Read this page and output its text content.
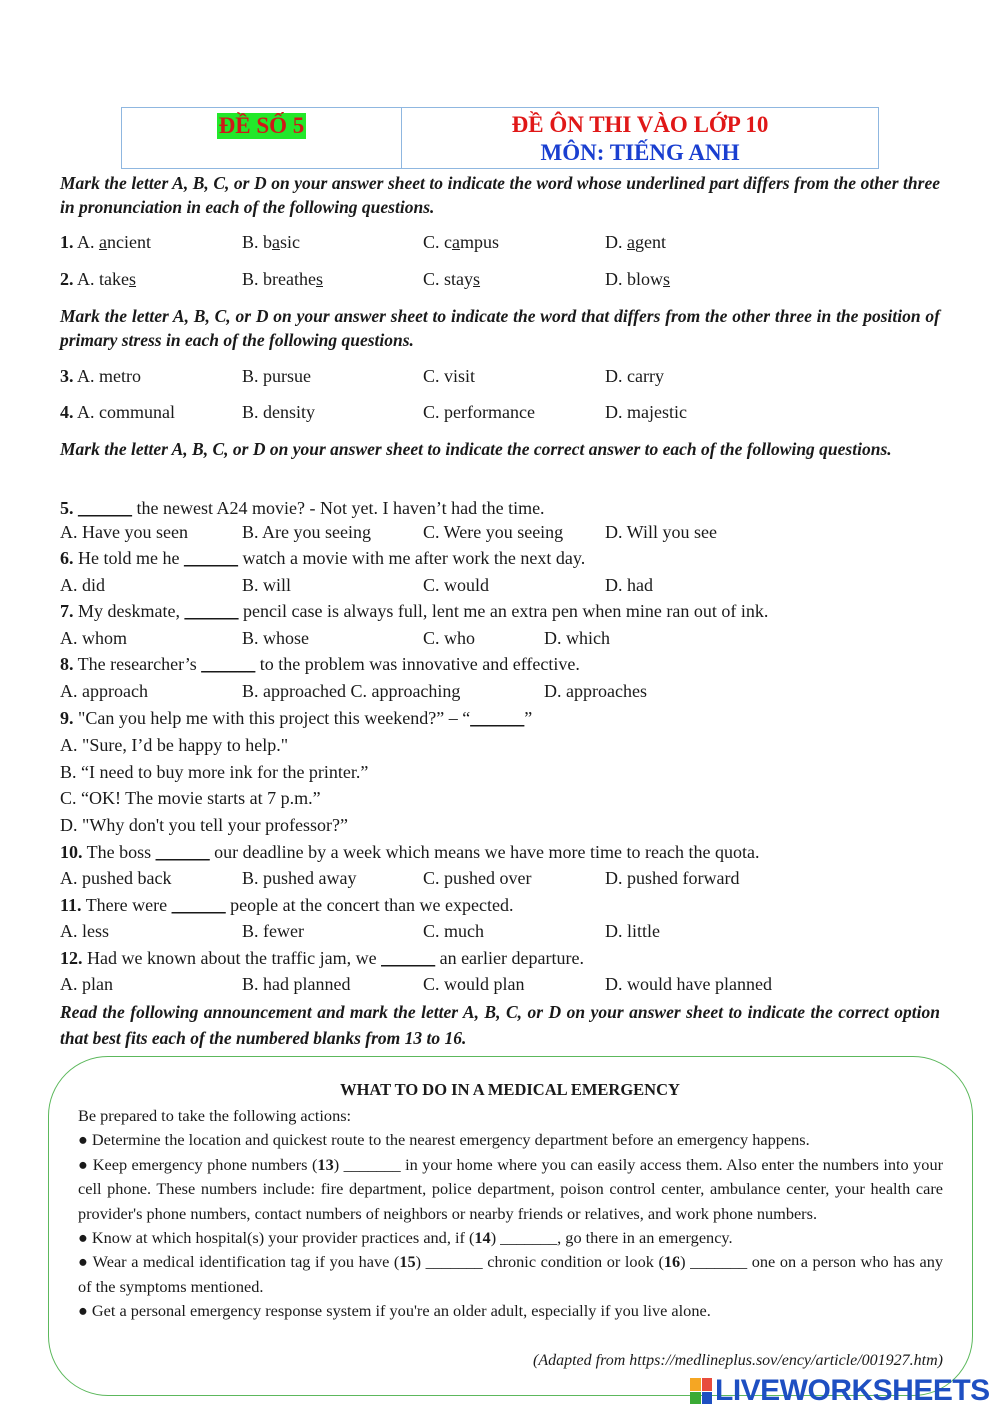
ĐỀ SỐ 5	ĐỀ ÔN THI VÀO LỚP 10
MÔN: TIẾNG ANH
Mark the letter A, B, C, or D on your answer sheet to indicate the word whose underlined part differs from the other three in pronunciation in each of the following questions.
1. A. ancient	B. basic	C. campus	D. agent
2. A. takes	B. breathes	C. stays	D. blows
Mark the letter A, B, C, or D on your answer sheet to indicate the word that differs from the other three in the position of primary stress in each of the following questions.
3. A. metro	B. pursue	C. visit	D. carry
4. A. communal	B. density	C. performance	D. majestic
Mark the letter A, B, C, or D on your answer sheet to indicate the correct answer to each of the following questions.
5. ______ the newest A24 movie? - Not yet. I haven’t had the time.
A. Have you seen	B. Are you seeing	C. Were you seeing D. Will you see
6. He told me he ______ watch a movie with me after work the next day.
A. did	B. will	C. would	D. had
7. My deskmate, ______ pencil case is always full, lent me an extra pen when mine ran out of ink.
A. whom	B. whose	C. who	D. which
8. The researcher’s ______ to the problem was innovative and effective.
A. approach	B. approached C. approaching	D. approaches
9. "Can you help me with this project this weekend?” – “______”
A. "Sure, I’d be happy to help."
B. “I need to buy more ink for the printer.”
C. “OK! The movie starts at 7 p.m.”
D. "Why don't you tell your professor?”
10. The boss ______ our deadline by a week which means we have more time to reach the quota.
A. pushed back	B. pushed away	C. pushed over	D. pushed forward
11. There were ______ people at the concert than we expected.
A. less	B. fewer	C. much	D. little
12. Had we known about the traffic jam, we ______ an earlier departure.
A. plan	B. had planned	C. would plan	D. would have planned
Read the following announcement and mark the letter A, B, C, or D on your answer sheet to indicate the correct option that best fits each of the numbered blanks from 13 to 16.
WHAT TO DO IN A MEDICAL EMERGENCY

Be prepared to take the following actions:

● Determine the location and quickest route to the nearest emergency department before an emergency happens.

● Keep emergency phone numbers (13) _______ in your home where you can easily access them. Also enter the numbers into your cell phone. These numbers include: fire department, police department, poison control center, ambulance center, your health care provider's phone numbers, contact numbers of neighbors or nearby friends or relatives, and work phone numbers.

● Know at which hospital(s) your provider practices and, if (14) _______, go there in an emergency.

● Wear a medical identification tag if you have (15) _______ chronic condition or look (16) _______ one on a person who has any of the symptoms mentioned.

● Get a personal emergency response system if you're an older adult, especially if you live alone.

(Adapted from https://medlineplus.sov/ency/article/001927.htm)
LIVEWORKSHEETS
